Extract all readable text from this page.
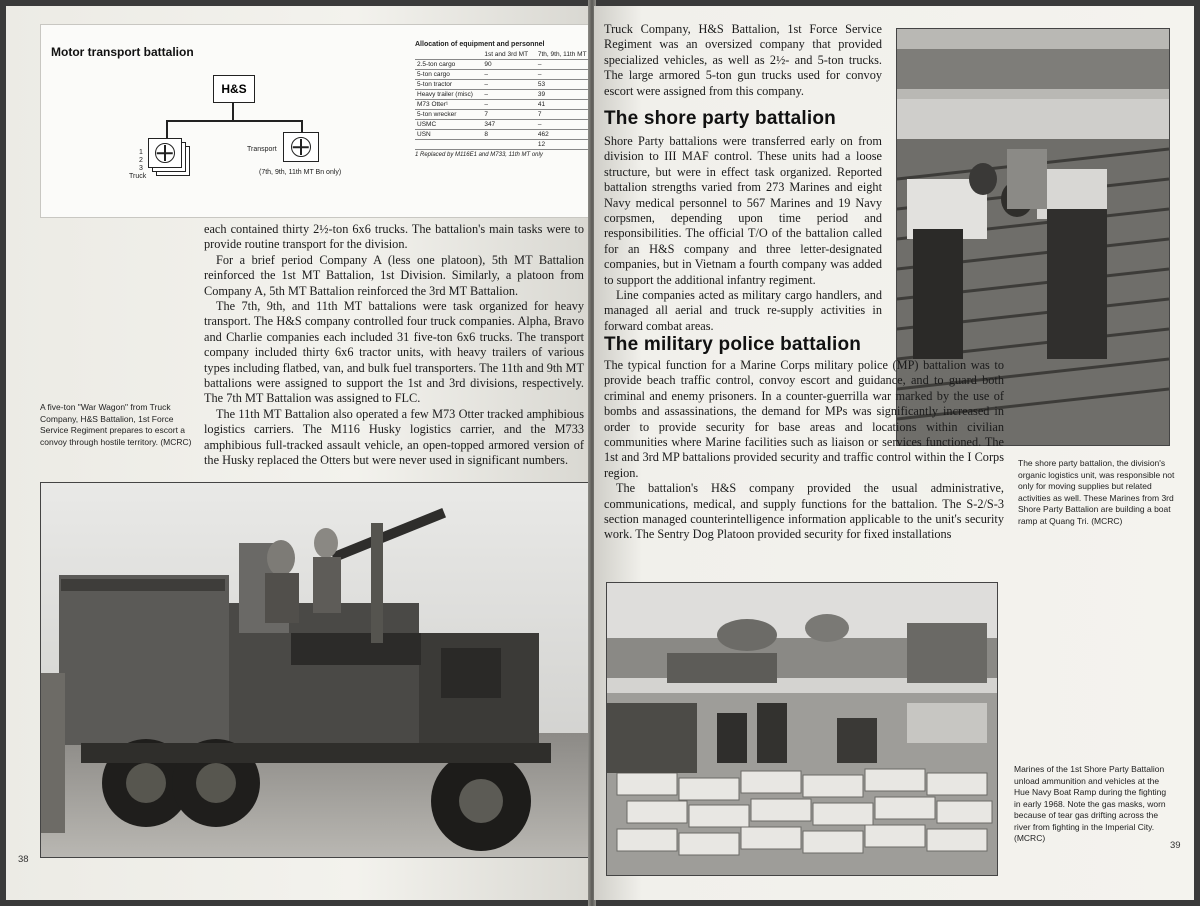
Motor transport battalion
H&S
1
2
3
Truck
Transport
(7th, 9th, 11th MT Bn only)
Allocation of equipment and personnel
	1st and 3rd MT	7th, 9th, 11th MT
2.5-ton cargo	90	–
5-ton cargo	–	–
5-ton tractor	–	53
Heavy trailer (misc)	–	39
M73 Otter¹	–	41
5-ton wrecker	7	7
USMC	347	–
USN	8	462
		12
1 Replaced by M116E1 and M733, 11th MT only

each contained thirty 2½-ton 6x6 trucks. The battalion's main tasks were to provide routine transport for the division.

For a brief period Company A (less one platoon), 5th MT Battalion reinforced the 1st MT Battalion, 1st Division. Similarly, a platoon from Company A, 5th MT Battalion reinforced the 3rd MT Battalion.

The 7th, 9th, and 11th MT battalions were task organized for heavy transport. The H&S company controlled four truck companies. Alpha, Bravo and Charlie companies each included 31 five-ton 6x6 trucks. The transport company included thirty 6x6 tractor units, with heavy trailers of various types including flatbed, van, and bulk fuel transporters. The 11th and 9th MT battalions were assigned to support the 1st and 3rd divisions, respectively. The 7th MT Battalion was assigned to FLC.

The 11th MT Battalion also operated a few M73 Otter tracked amphibious logistics carriers. The M116 Husky logistics carrier, and the M733 amphibious full-tracked assault vehicle, an open-topped armored version of the Husky replaced the Otters but were never used in significant numbers.

A five-ton "War Wagon" from Truck Company, H&S Battalion, 1st Force Service Regiment prepares to escort a convoy through hostile territory. (MCRC)
38

Truck Company, H&S Battalion, 1st Force Service Regiment was an oversized company that provided specialized vehicles, as well as 2½- and 5-ton trucks. The large armored 5-ton gun trucks used for convoy escort were assigned from this company.

The shore party battalion

Shore Party battalions were transferred early on from division to III MAF control. These units had a loose structure, but were in effect task organized. Reported battalion strengths varied from 273 Marines and eight Navy medical personnel to 567 Marines and 19 Navy corpsmen, depending upon time period and responsibilities. The official T/O of the battalion called for an H&S company and three letter-designated companies, but in Vietnam a fourth company was added to support the additional infantry regiment.

Line companies acted as military cargo handlers, and managed all aerial and truck re-supply activities in forward combat areas.

The military police battalion

The typical function for a Marine Corps military police (MP) battalion was to provide beach traffic control, convoy escort and guidance, and to guard both criminal and enemy prisoners. In a counter-guerrilla war marked by the use of bombs and assassinations, the demand for MPs was significantly increased in order to provide security for base areas and locations within civilian communities where Marine facilities such as liaison or services functioned. The 1st and 3rd MP battalions provided security and traffic control within the I Corps region.

The battalion's H&S company provided the usual administrative, communications, medical, and supply functions for the battalion. The S-2/S-3 section managed counterintelligence information applicable to the unit's security work. The Sentry Dog Platoon provided security for fixed installations

The shore party battalion, the division's organic logistics unit, was responsible not only for moving supplies but related activities as well. These Marines from 3rd Shore Party Battalion are building a boat ramp at Quang Tri. (MCRC)
Marines of the 1st Shore Party Battalion unload ammunition and vehicles at the Hue Navy Boat Ramp during the fighting in early 1968. Note the gas masks, worn because of tear gas drifting across the river from fighting in the Imperial City. (MCRC)
39
